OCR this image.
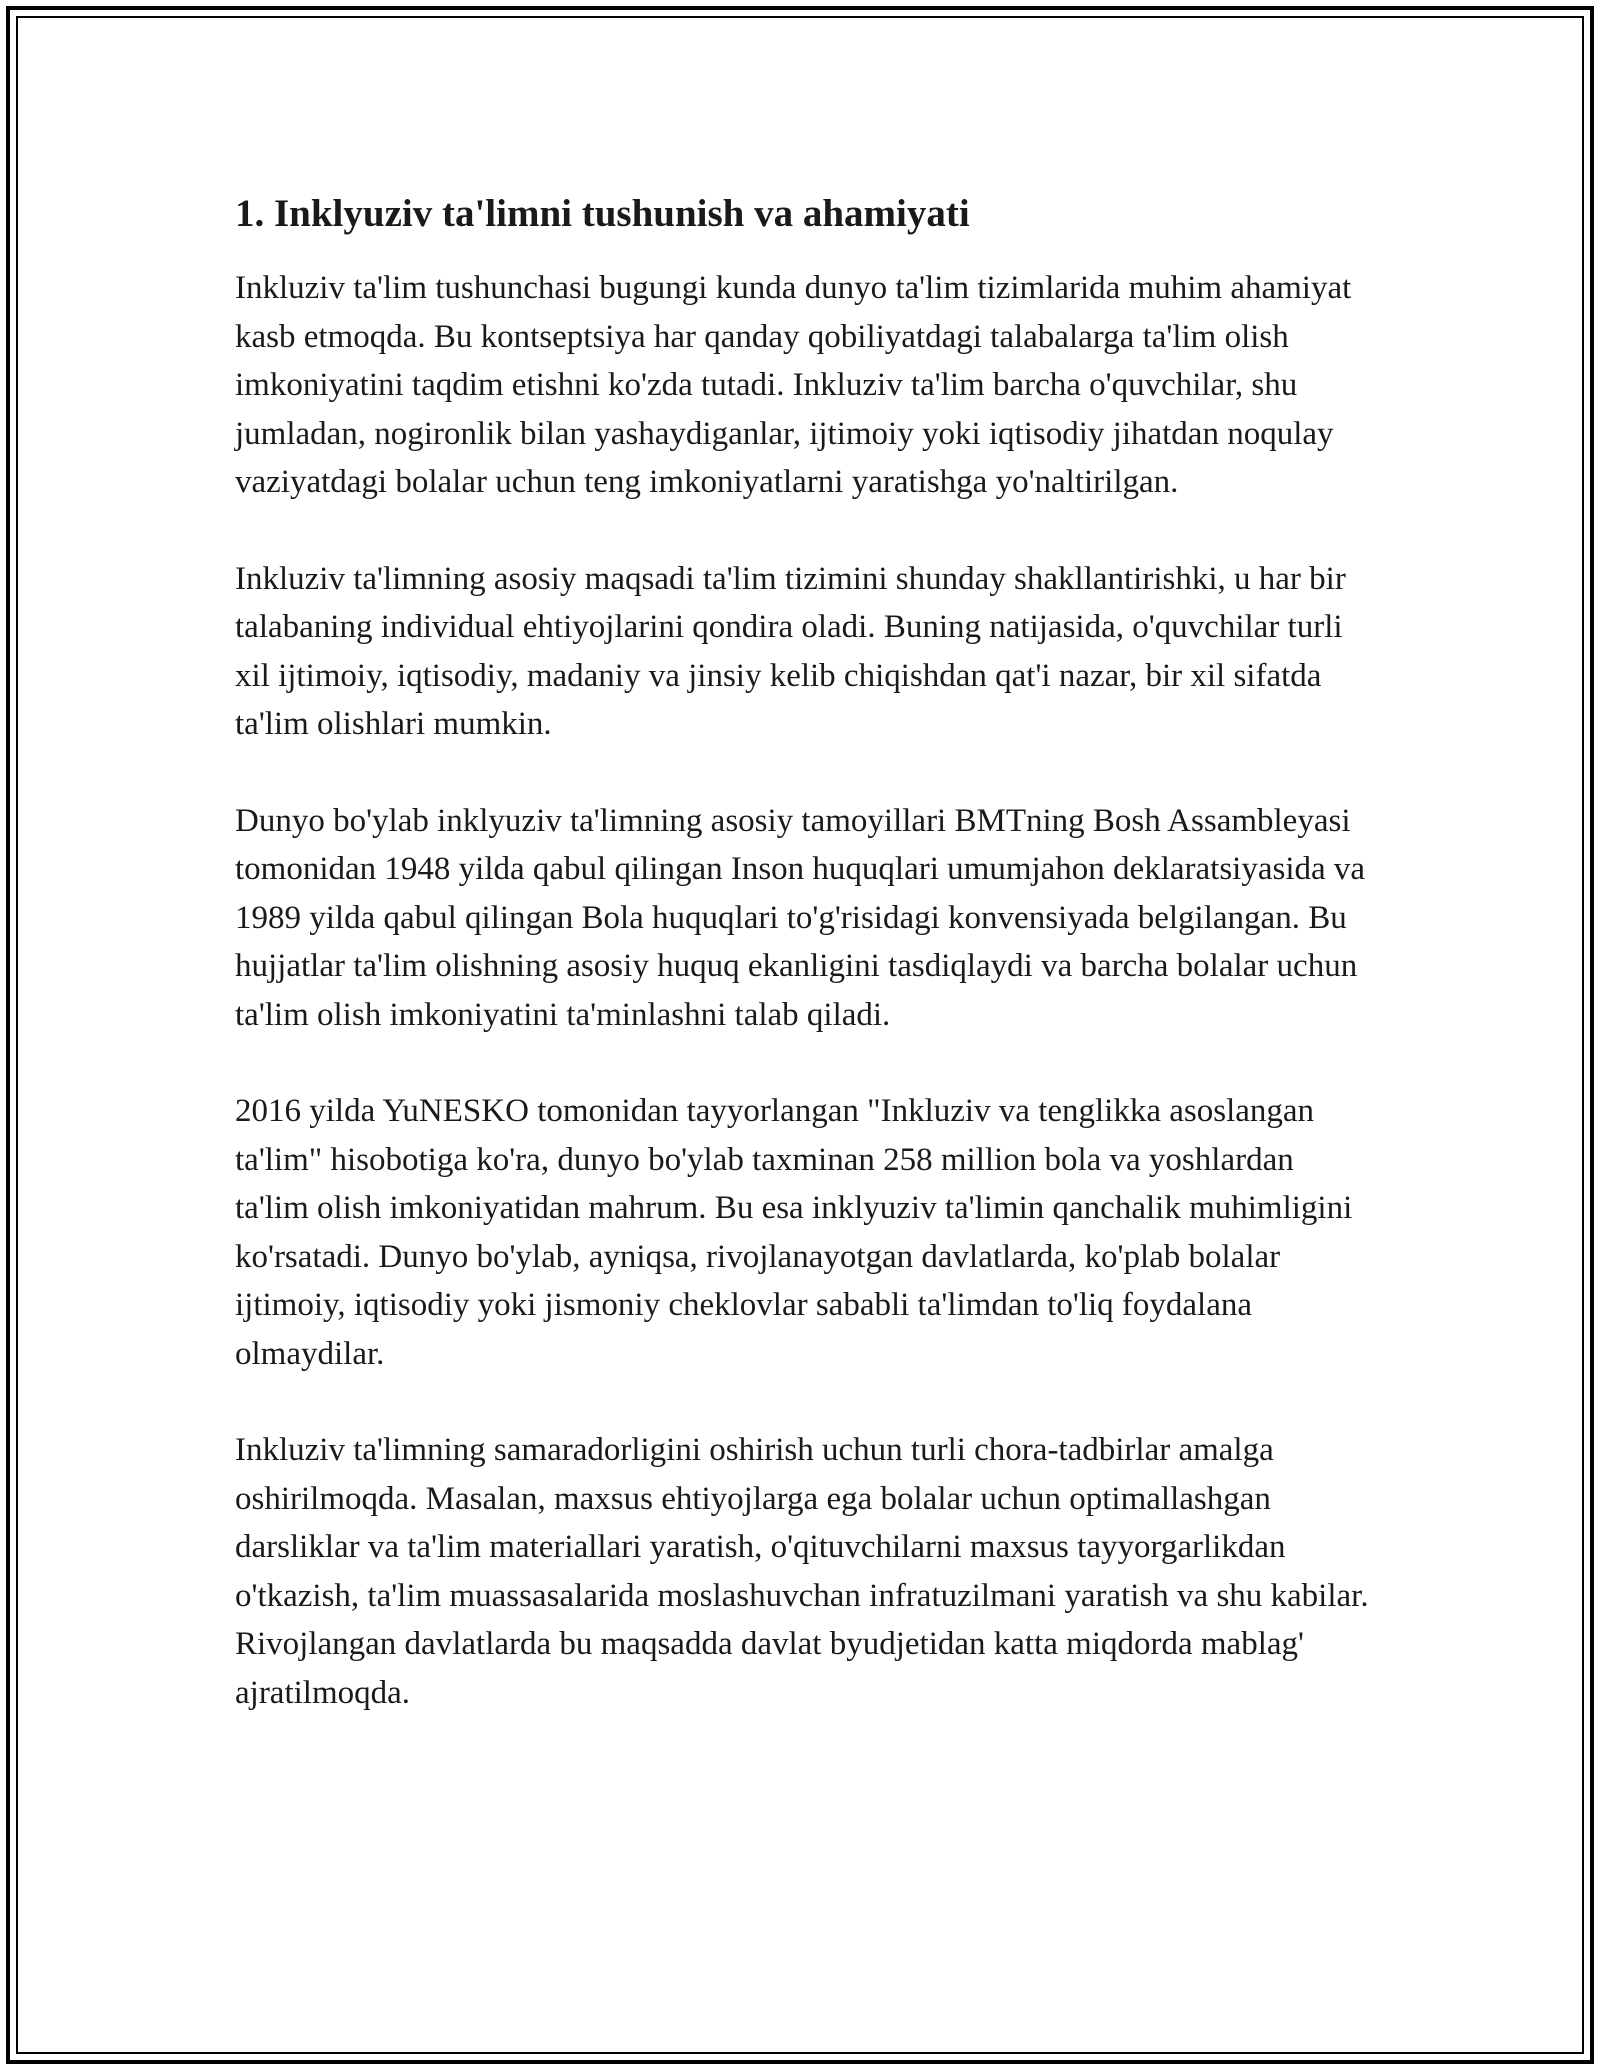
1. Inklyuziv ta'limni tushunish va ahamiyati

Inkluziv ta'lim tushunchasi bugungi kunda dunyo ta'lim tizimlarida muhim ahamiyat kasb etmoqda. Bu kontseptsiya har qanday qobiliyatdagi talabalarga ta'lim olish imkoniyatini taqdim etishni ko'zda tutadi. Inkluziv ta'lim barcha o'quvchilar, shu jumladan, nogironlik bilan yashaydiganlar, ijtimoiy yoki iqtisodiy jihatdan noqulay vaziyatdagi bolalar uchun teng imkoniyatlarni yaratishga yo'naltirilgan.

Inkluziv ta'limning asosiy maqsadi ta'lim tizimini shunday shakllantirishki, u har bir talabaning individual ehtiyojlarini qondira oladi. Buning natijasida, o'quvchilar turli xil ijtimoiy, iqtisodiy, madaniy va jinsiy kelib chiqishdan qat'i nazar, bir xil sifatda ta'lim olishlari mumkin.

Dunyo bo'ylab inklyuziv ta'limning asosiy tamoyillari BMTning Bosh Assambleyasi tomonidan 1948 yilda qabul qilingan Inson huquqlari umumjahon deklaratsiyasida va 1989 yilda qabul qilingan Bola huquqlari to'g'risidagi konvensiyada belgilangan. Bu hujjatlar ta'lim olishning asosiy huquq ekanligini tasdiqlaydi va barcha bolalar uchun ta'lim olish imkoniyatini ta'minlashni talab qiladi.

2016 yilda YuNESKO tomonidan tayyorlangan "Inkluziv va tenglikka asoslangan ta'lim" hisobotiga ko'ra, dunyo bo'ylab taxminan 258 million bola va yoshlardan ta'lim olish imkoniyatidan mahrum. Bu esa inklyuziv ta'limin qanchalik muhimligini ko'rsatadi. Dunyo bo'ylab, ayniqsa, rivojlanayotgan davlatlarda, ko'plab bolalar ijtimoiy, iqtisodiy yoki jismoniy cheklovlar sababli ta'limdan to'liq foydalana olmaydilar.

Inkluziv ta'limning samaradorligini oshirish uchun turli chora-tadbirlar amalga oshirilmoqda. Masalan, maxsus ehtiyojlarga ega bolalar uchun optimallashgan darsliklar va ta'lim materiallari yaratish, o'qituvchilarni maxsus tayyorgarlikdan o'tkazish, ta'lim muassasalarida moslashuvchan infratuzilmani yaratish va shu kabilar. Rivojlangan davlatlarda bu maqsadda davlat byudjetidan katta miqdorda mablag' ajratilmoqda.
